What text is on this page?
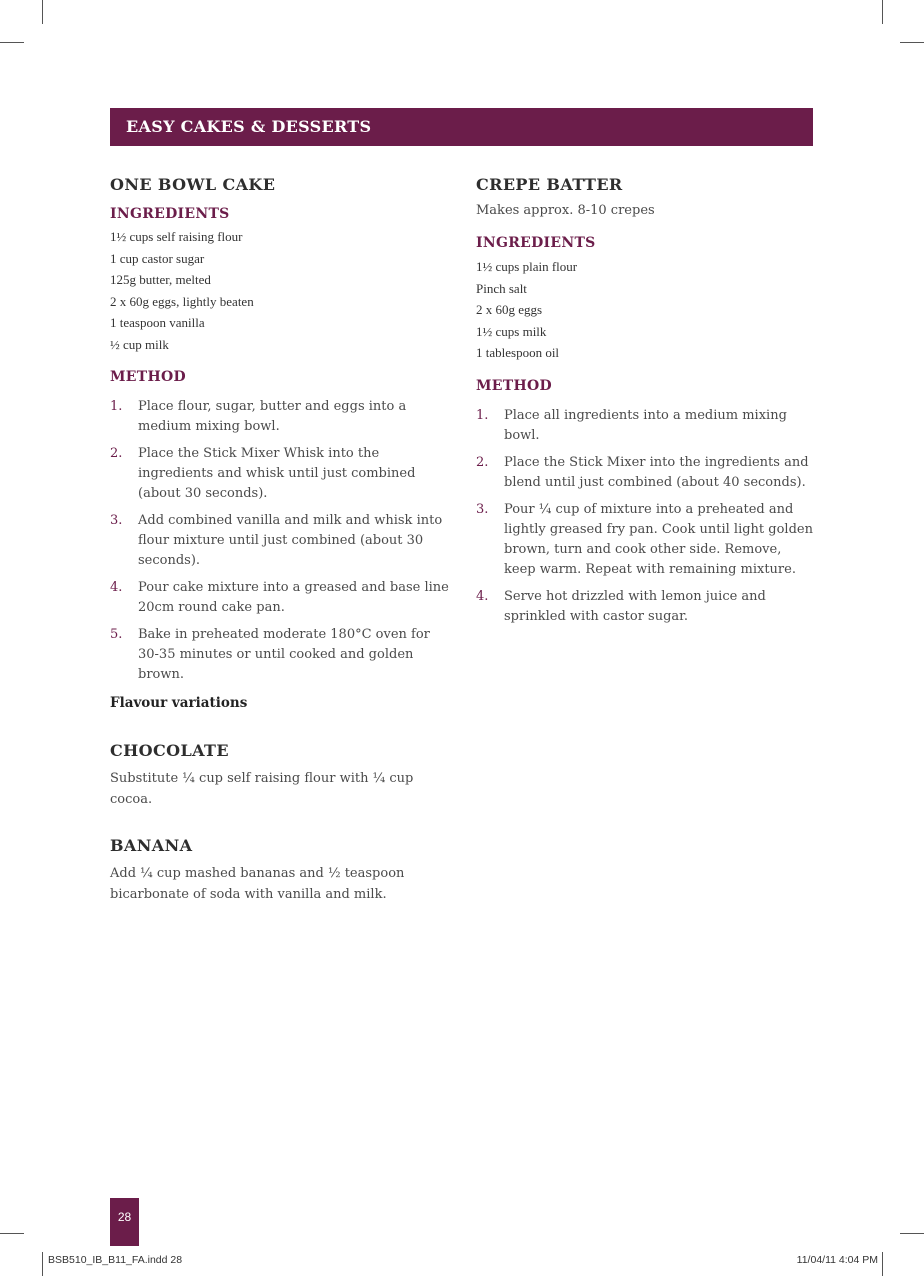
EASY CAKES & DESSERTS
ONE BOWL CAKE
INGREDIENTS
1½ cups self raising flour
1 cup castor sugar
125g butter, melted
2 x 60g eggs, lightly beaten
1 teaspoon vanilla
½ cup milk
METHOD
1. Place flour, sugar, butter and eggs into a medium mixing bowl.
2. Place the Stick Mixer Whisk into the ingredients and whisk until just combined (about 30 seconds).
3. Add combined vanilla and milk and whisk into flour mixture until just combined (about 30 seconds).
4. Pour cake mixture into a greased and base line 20cm round cake pan.
5. Bake in preheated moderate 180°C oven for 30-35 minutes or until cooked and golden brown.

Flavour variations

CHOCOLATE

Substitute ¼ cup self raising flour with ¼ cup cocoa.

BANANA

Add ¼ cup mashed bananas and ½ teaspoon bicarbonate of soda with vanilla and milk.

CREPE BATTER

Makes approx. 8-10 crepes

INGREDIENTS
1½ cups plain flour
Pinch salt
2 x 60g eggs
1½ cups milk
1 tablespoon oil
METHOD
1. Place all ingredients into a medium mixing bowl.
2. Place the Stick Mixer into the ingredients and blend until just combined (about 40 seconds).
3. Pour ¼ cup of mixture into a preheated and lightly greased fry pan. Cook until light golden brown, turn and cook other side. Remove, keep warm. Repeat with remaining mixture.
4. Serve hot drizzled with lemon juice and sprinkled with castor sugar.
28
BSB510_IB_B11_FA.indd 28	11/04/11 4:04 PM
